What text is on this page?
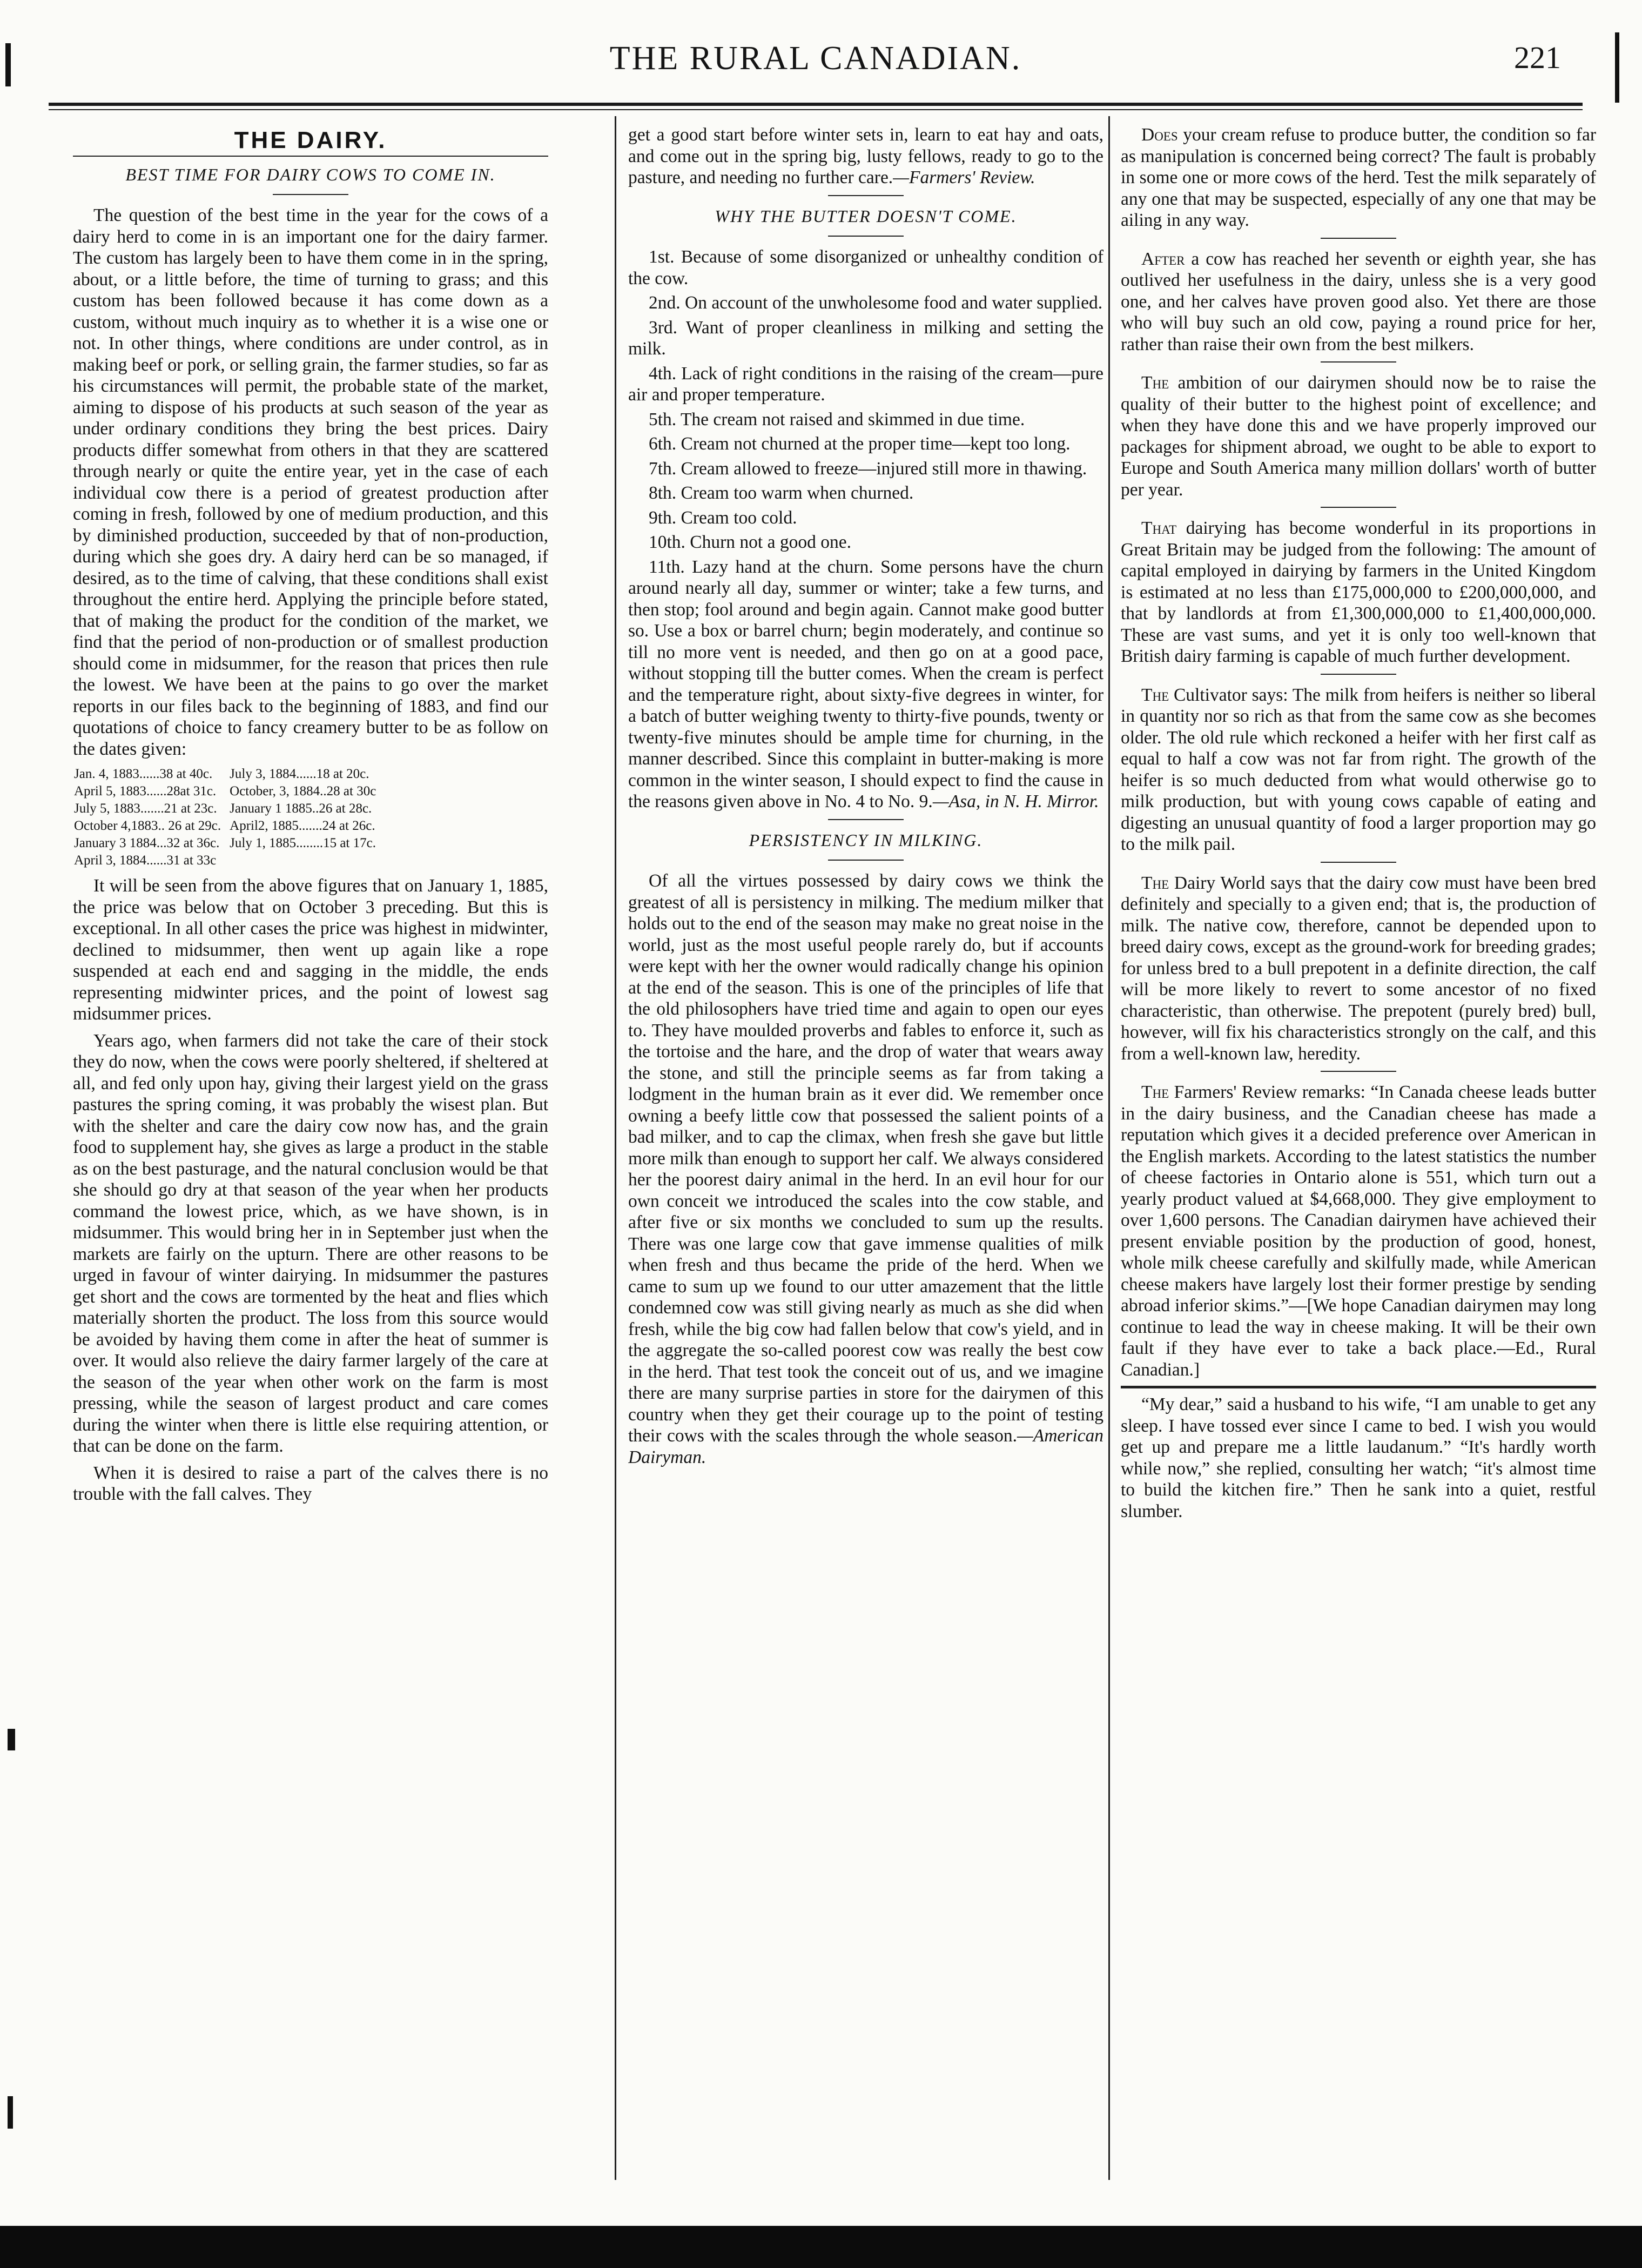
THE RURAL CANADIAN.	221
THE DAIRY.
BEST TIME FOR DAIRY COWS TO COME IN.

The question of the best time in the year for the cows of a dairy herd to come in is an important one for the dairy farmer. The custom has largely been to have them come in in the spring, about, or a little before, the time of turning to grass; and this custom has been followed because it has come down as a custom, without much inquiry as to whether it is a wise one or not. In other things, where conditions are under control, as in making beef or pork, or selling grain, the farmer studies, so far as his circumstances will permit, the probable state of the market, aiming to dispose of his products at such season of the year as under ordinary conditions they bring the best prices. Dairy products differ somewhat from others in that they are scattered through nearly or quite the entire year, yet in the case of each individual cow there is a period of greatest production after coming in fresh, followed by one of medium production, and this by diminished production, succeeded by that of non-production, during which she goes dry. A dairy herd can be so managed, if desired, as to the time of calving, that these conditions shall exist throughout the entire herd. Applying the principle before stated, that of making the product for the condition of the market, we find that the period of non-production or of smallest production should come in midsummer, for the reason that prices then rule the lowest. We have been at the pains to go over the market reports in our files back to the beginning of 1883, and find our quotations of choice to fancy creamery butter to be as follow on the dates given:

Jan. 4, 1883......38 at 40c.	July 3, 1884......18 at 20c.
April 5, 1883......28at 31c.	October, 3, 1884..28 at 30c
July 5, 1883.......21 at 23c.	January 1 1885..26 at 28c.
October 4,1883.. 26 at 29c.	April2, 1885.......24 at 26c.
January 3 1884...32 at 36c.	July 1, 1885........15 at 17c.
April 3, 1884......31 at 33c	

It will be seen from the above figures that on January 1, 1885, the price was below that on October 3 preceding. But this is exceptional. In all other cases the price was highest in midwinter, declined to midsummer, then went up again like a rope suspended at each end and sagging in the middle, the ends representing midwinter prices, and the point of lowest sag midsummer prices.

Years ago, when farmers did not take the care of their stock they do now, when the cows were poorly sheltered, if sheltered at all, and fed only upon hay, giving their largest yield on the grass pastures the spring coming, it was probably the wisest plan. But with the shelter and care the dairy cow now has, and the grain food to supplement hay, she gives as large a product in the stable as on the best pasturage, and the natural conclusion would be that she should go dry at that season of the year when her products command the lowest price, which, as we have shown, is in midsummer. This would bring her in in September just when the markets are fairly on the upturn. There are other reasons to be urged in favour of winter dairying. In midsummer the pastures get short and the cows are tormented by the heat and flies which materially shorten the product. The loss from this source would be avoided by having them come in after the heat of summer is over. It would also relieve the dairy farmer largely of the care at the season of the year when other work on the farm is most pressing, while the season of largest product and care comes during the winter when there is little else requiring attention, or that can be done on the farm.

When it is desired to raise a part of the calves there is no trouble with the fall calves. They

get a good start before winter sets in, learn to eat hay and oats, and come out in the spring big, lusty fellows, ready to go to the pasture, and needing no further care.—Farmers' Review.

WHY THE BUTTER DOESN'T COME.

1st. Because of some disorganized or unhealthy condition of the cow.

2nd. On account of the unwholesome food and water supplied.

3rd. Want of proper cleanliness in milking and setting the milk.

4th. Lack of right conditions in the raising of the cream—pure air and proper temperature.

5th. The cream not raised and skimmed in due time.

6th. Cream not churned at the proper time—kept too long.

7th. Cream allowed to freeze—injured still more in thawing.

8th. Cream too warm when churned.

9th. Cream too cold.

10th. Churn not a good one.

11th. Lazy hand at the churn. Some persons have the churn around nearly all day, summer or winter; take a few turns, and then stop; fool around and begin again. Cannot make good butter so. Use a box or barrel churn; begin moderately, and continue so till no more vent is needed, and then go on at a good pace, without stopping till the butter comes. When the cream is perfect and the temperature right, about sixty-five degrees in winter, for a batch of butter weighing twenty to thirty-five pounds, twenty or twenty-five minutes should be ample time for churning, in the manner described. Since this complaint in butter-making is more common in the winter season, I should expect to find the cause in the reasons given above in No. 4 to No. 9.—Asa, in N. H. Mirror.

PERSISTENCY IN MILKING.

Of all the virtues possessed by dairy cows we think the greatest of all is persistency in milking. The medium milker that holds out to the end of the season may make no great noise in the world, just as the most useful people rarely do, but if accounts were kept with her the owner would radically change his opinion at the end of the season. This is one of the principles of life that the old philosophers have tried time and again to open our eyes to. They have moulded proverbs and fables to enforce it, such as the tortoise and the hare, and the drop of water that wears away the stone, and still the principle seems as far from taking a lodgment in the human brain as it ever did. We remember once owning a beefy little cow that possessed the salient points of a bad milker, and to cap the climax, when fresh she gave but little more milk than enough to support her calf. We always considered her the poorest dairy animal in the herd. In an evil hour for our own conceit we introduced the scales into the cow stable, and after five or six months we concluded to sum up the results. There was one large cow that gave immense qualities of milk when fresh and thus became the pride of the herd. When we came to sum up we found to our utter amazement that the little condemned cow was still giving nearly as much as she did when fresh, while the big cow had fallen below that cow's yield, and in the aggregate the so-called poorest cow was really the best cow in the herd. That test took the conceit out of us, and we imagine there are many surprise parties in store for the dairymen of this country when they get their courage up to the point of testing their cows with the scales through the whole season.—American Dairyman.

Does your cream refuse to produce butter, the condition so far as manipulation is concerned being correct? The fault is probably in some one or more cows of the herd. Test the milk separately of any one that may be suspected, especially of any one that may be ailing in any way.

After a cow has reached her seventh or eighth year, she has outlived her usefulness in the dairy, unless she is a very good one, and her calves have proven good also. Yet there are those who will buy such an old cow, paying a round price for her, rather than raise their own from the best milkers.

The ambition of our dairymen should now be to raise the quality of their butter to the highest point of excellence; and when they have done this and we have properly improved our packages for shipment abroad, we ought to be able to export to Europe and South America many million dollars' worth of butter per year.

That dairying has become wonderful in its proportions in Great Britain may be judged from the following: The amount of capital employed in dairying by farmers in the United Kingdom is estimated at no less than £175,000,000 to £200,000,000, and that by landlords at from £1,300,000,000 to £1,400,000,000. These are vast sums, and yet it is only too well-known that British dairy farming is capable of much further development.

The Cultivator says: The milk from heifers is neither so liberal in quantity nor so rich as that from the same cow as she becomes older. The old rule which reckoned a heifer with her first calf as equal to half a cow was not far from right. The growth of the heifer is so much deducted from what would otherwise go to milk production, but with young cows capable of eating and digesting an unusual quantity of food a larger proportion may go to the milk pail.

The Dairy World says that the dairy cow must have been bred definitely and specially to a given end; that is, the production of milk. The native cow, therefore, cannot be depended upon to breed dairy cows, except as the ground-work for breeding grades; for unless bred to a bull prepotent in a definite direction, the calf will be more likely to revert to some ancestor of no fixed characteristic, than otherwise. The prepotent (purely bred) bull, however, will fix his characteristics strongly on the calf, and this from a well-known law, heredity.

The Farmers' Review remarks: “In Canada cheese leads butter in the dairy business, and the Canadian cheese has made a reputation which gives it a decided preference over American in the English markets. According to the latest statistics the number of cheese factories in Ontario alone is 551, which turn out a yearly product valued at $4,668,000. They give employment to over 1,600 persons. The Canadian dairymen have achieved their present enviable position by the production of good, honest, whole milk cheese carefully and skilfully made, while American cheese makers have largely lost their former prestige by sending abroad inferior skims.”—[We hope Canadian dairymen may long continue to lead the way in cheese making. It will be their own fault if they have ever to take a back place.—Ed., Rural Canadian.]

“My dear,” said a husband to his wife, “I am unable to get any sleep. I have tossed ever since I came to bed. I wish you would get up and prepare me a little laudanum.” “It's hardly worth while now,” she replied, consulting her watch; “it's almost time to build the kitchen fire.” Then he sank into a quiet, restful slumber.
